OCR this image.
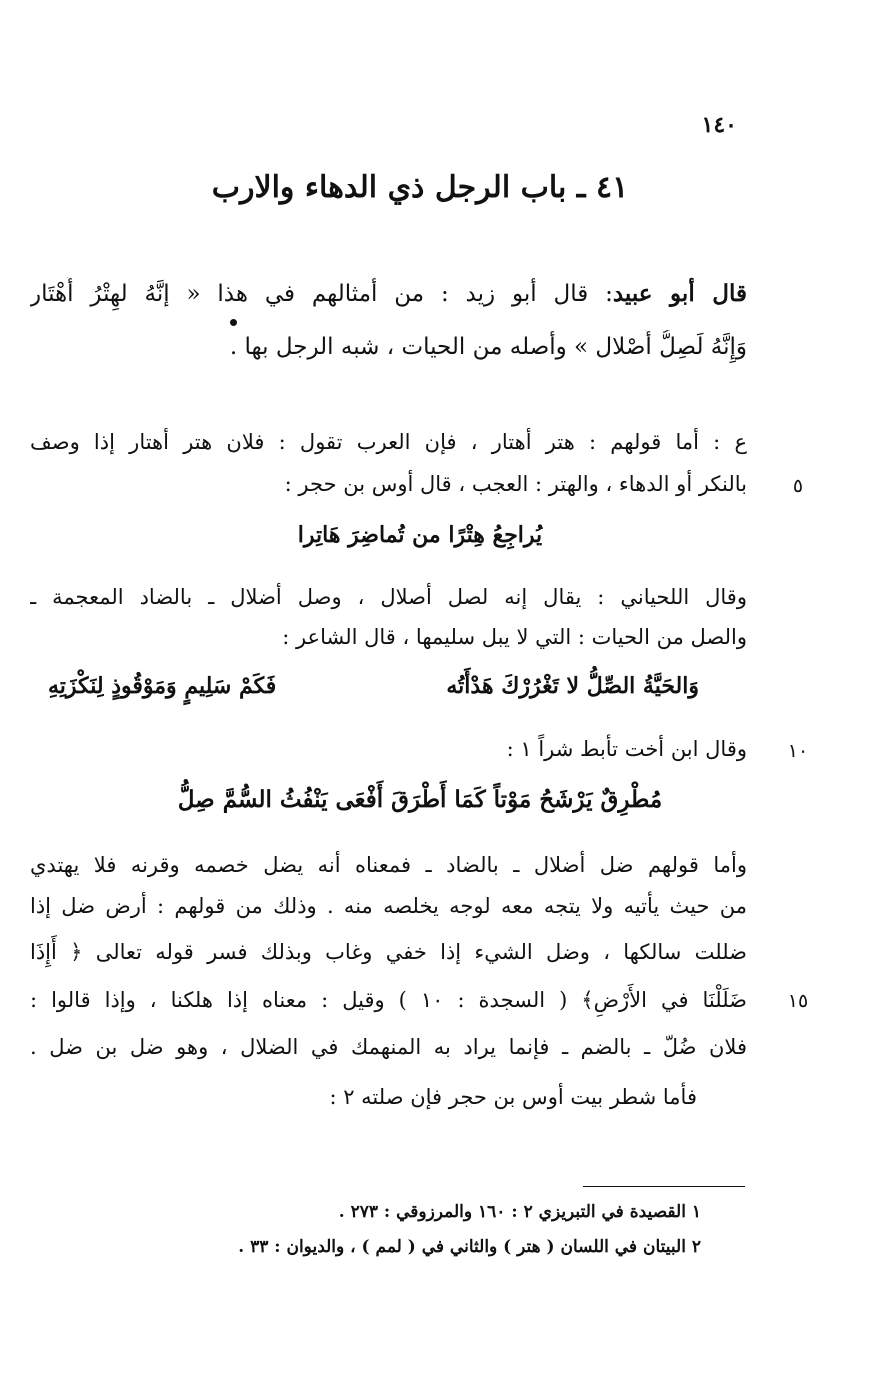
١٤٠
٤١ ـ باب الرجل ذي الدهاء والارب
قال أبو عبيد: قال أبو زيد : من أمثالهم في هذا « إنَّهُ لهِتْرُ أَهْتَار
وَإِنَّهُ لَصِلُّ أَصْلال » وأصله من الحيات ، شبه الرجل بها .
ع : أما قولهم : هتر أهتار ، فإن العرب تقول : فلان هتر أهتار إذا وصف
بالنكر أو الدهاء ، والهتر : العجب ، قال أوس بن حجر :	٥
يُراجِعُ هِتْرًا من تُماضِرَ هَاتِرا
وقال اللحياني : يقال إنه لصل أصلال ، وصل أضلال ـ بالضاد المعجمة ـ
والصل من الحيات : التي لا يبل سليمها ، قال الشاعر :
وَالحَيَّةُ الصِّلُّ لا تَغْرُرْكَ هَدْأَتُه
فَكَمْ سَلِيمٍ وَمَوْقُوذٍ لِنَكْزَتِهِ
وقال ابن أخت تأبط شراً ١ :	١٠
مُطْرِقٌ يَرْشَحُ مَوْتاً كَمَا أَطْرَقَ أَفْعَى يَنْفُثُ السُّمَّ صِلُّ
وأما قولهم ضل أضلال ـ بالضاد ـ فمعناه أنه يضل خصمه وقرنه فلا يهتدي
من حيث يأتيه ولا يتجه معه لوجه يخلصه منه . وذلك من قولهم : أرض ضل إذا
ضللت سالكها ، وضل الشيء إذا خفي وغاب وبذلك فسر قوله تعالى ﴿ أَإِذَا
ضَلَلْنَا في الأَرْضِ﴾ ( السجدة : ١٠ ) وقيل : معناه إذا هلكنا ، وإذا قالوا :	١٥
فلان ضُلّ ـ بالضم ـ فإنما يراد به المنهمك في الضلال ، وهو ضل بن ضل .
فأما شطر بيت أوس بن حجر فإن صلته ٢ :
١ القصيدة في التبريزي ٢ : ١٦٠ والمرزوقي : ٢٧٣ .
٢ البيتان في اللسان ( هتر ) والثاني في ( لمم ) ، والديوان : ٣٣ .
